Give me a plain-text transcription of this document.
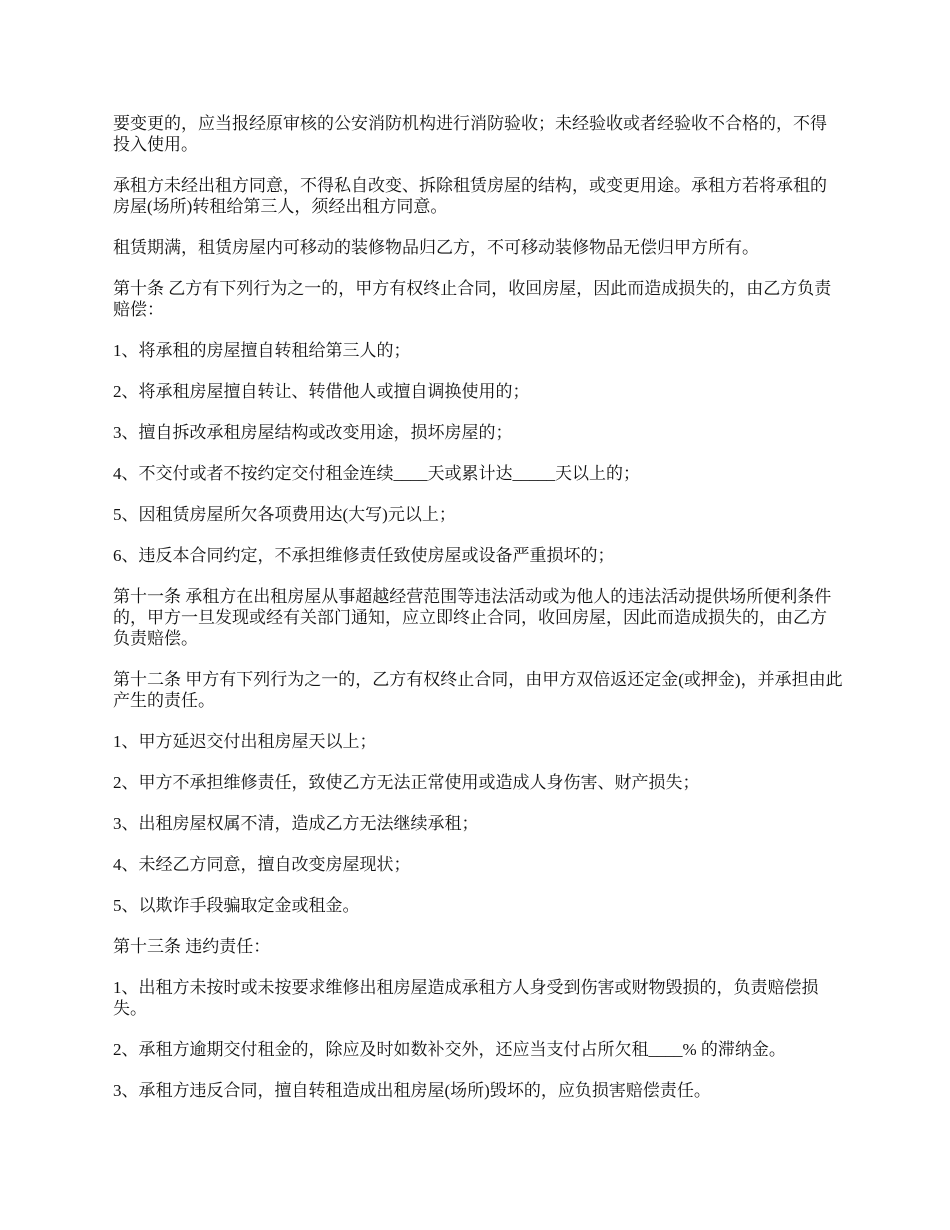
要变更的，应当报经原审核的公安消防机构进行消防验收；未经验收或者经验收不合格的，不得投入使用。

承租方未经出租方同意，不得私自改变、拆除租赁房屋的结构，或变更用途。承租方若将承租的房屋(场所)转租给第三人，须经出租方同意。

租赁期满，租赁房屋内可移动的装修物品归乙方，不可移动装修物品无偿归甲方所有。

第十条 乙方有下列行为之一的，甲方有权终止合同，收回房屋，因此而造成损失的，由乙方负责赔偿：

1、将承租的房屋擅自转租给第三人的；

2、将承租房屋擅自转让、转借他人或擅自调换使用的；

3、擅自拆改承租房屋结构或改变用途，损坏房屋的；

4、不交付或者不按约定交付租金连续____天或累计达_____天以上的；

5、因租赁房屋所欠各项费用达(大写)元以上；

6、违反本合同约定，不承担维修责任致使房屋或设备严重损坏的；

第十一条 承租方在出租房屋从事超越经营范围等违法活动或为他人的违法活动提供场所便利条件的，甲方一旦发现或经有关部门通知，应立即终止合同，收回房屋，因此而造成损失的，由乙方负责赔偿。

第十二条 甲方有下列行为之一的，乙方有权终止合同，由甲方双倍返还定金(或押金)，并承担由此产生的责任。

1、甲方延迟交付出租房屋天以上；

2、甲方不承担维修责任，致使乙方无法正常使用或造成人身伤害、财产损失；

3、出租房屋权属不清，造成乙方无法继续承租；

4、未经乙方同意，擅自改变房屋现状；

5、以欺诈手段骗取定金或租金。

第十三条 违约责任：

1、出租方未按时或未按要求维修出租房屋造成承租方人身受到伤害或财物毁损的，负责赔偿损失。

2、承租方逾期交付租金的，除应及时如数补交外，还应当支付占所欠租____% 的滞纳金。

3、承租方违反合同，擅自转租造成出租房屋(场所)毁坏的，应负损害赔偿责任。
